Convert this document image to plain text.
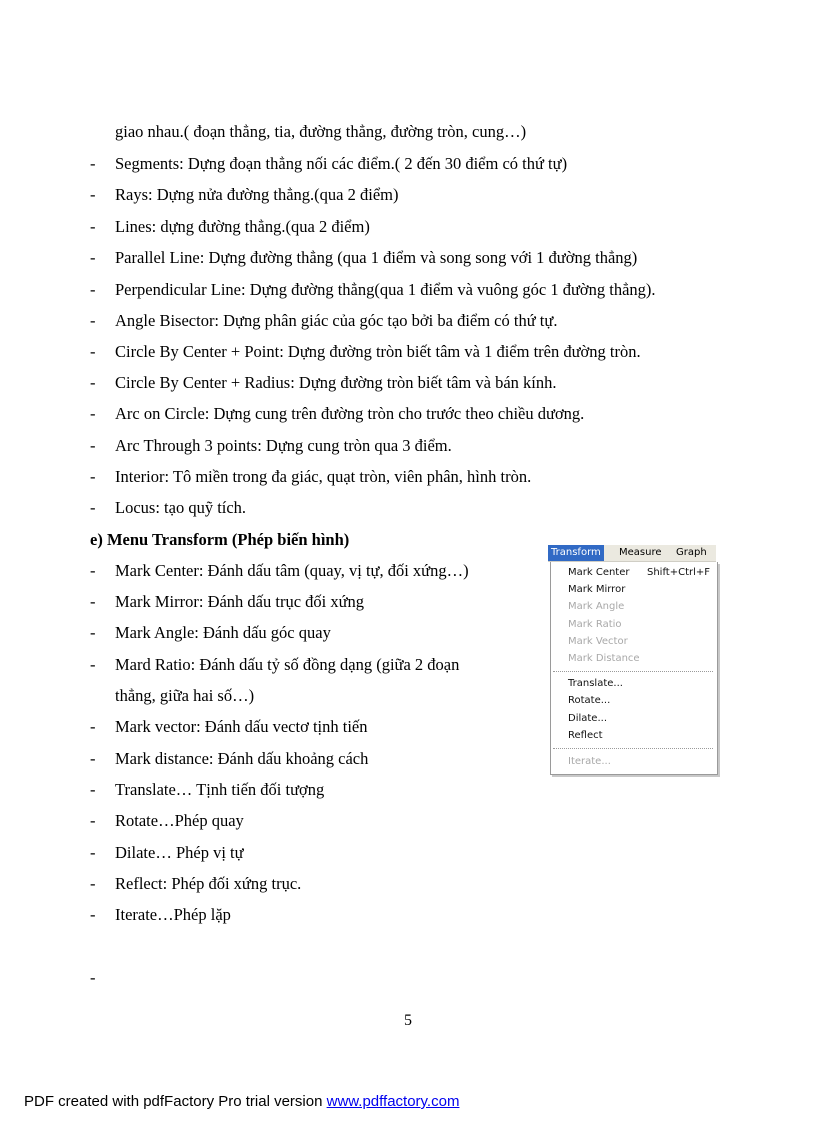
giao nhau.( đoạn thẳng, tia, đường thẳng, đường tròn, cung…)
- Segments: Dựng đoạn thẳng nối các điểm.( 2 đến 30 điểm có thứ tự)
- Rays: Dựng nửa đường thẳng.(qua 2 điểm)
- Lines: dựng đường thẳng.(qua 2 điểm)
- Parallel Line: Dựng đường thẳng (qua 1 điểm và song song với 1 đường thẳng)
- Perpendicular Line: Dựng đường thẳng(qua 1 điểm và vuông góc 1 đường thẳng).
- Angle Bisector: Dựng phân giác của góc tạo bởi ba điểm có thứ tự.
- Circle By Center + Point: Dựng đường tròn biết tâm và 1 điểm trên đường tròn.
- Circle By Center + Radius: Dựng đường tròn biết tâm và bán kính.
- Arc on Circle: Dựng cung trên đường tròn cho trước theo chiều dương.
- Arc Through 3 points: Dựng cung tròn qua 3 điểm.
- Interior: Tô miền trong đa giác, quạt tròn, viên phân, hình tròn.
- Locus: tạo quỹ tích.
e) Menu Transform (Phép biến hình)
- Mark Center: Đánh dấu tâm (quay, vị tự, đối xứng…)
- Mark Mirror: Đánh dấu trục đối xứng
- Mark Angle: Đánh dấu góc quay
- Mard Ratio: Đánh dấu tỷ số đồng dạng (giữa 2 đoạn
thẳng, giữa hai số…)
- Mark vector: Đánh dấu vectơ tịnh tiến
- Mark distance: Đánh dấu khoảng cách
- Translate… Tịnh tiến đối tượng
- Rotate…Phép quay
- Dilate… Phép vị tự
- Reflect: Phép đối xứng trục.
- Iterate…Phép lặp
-
Transform	Measure	Graph
Mark Center Shift+Ctrl+F
Mark Mirror
Mark Angle
Mark Ratio
Mark Vector
Mark Distance
Translate...
Rotate...
Dilate...
Reflect
Iterate...
5
PDF created with pdfFactory Pro trial version www.pdffactory.com
